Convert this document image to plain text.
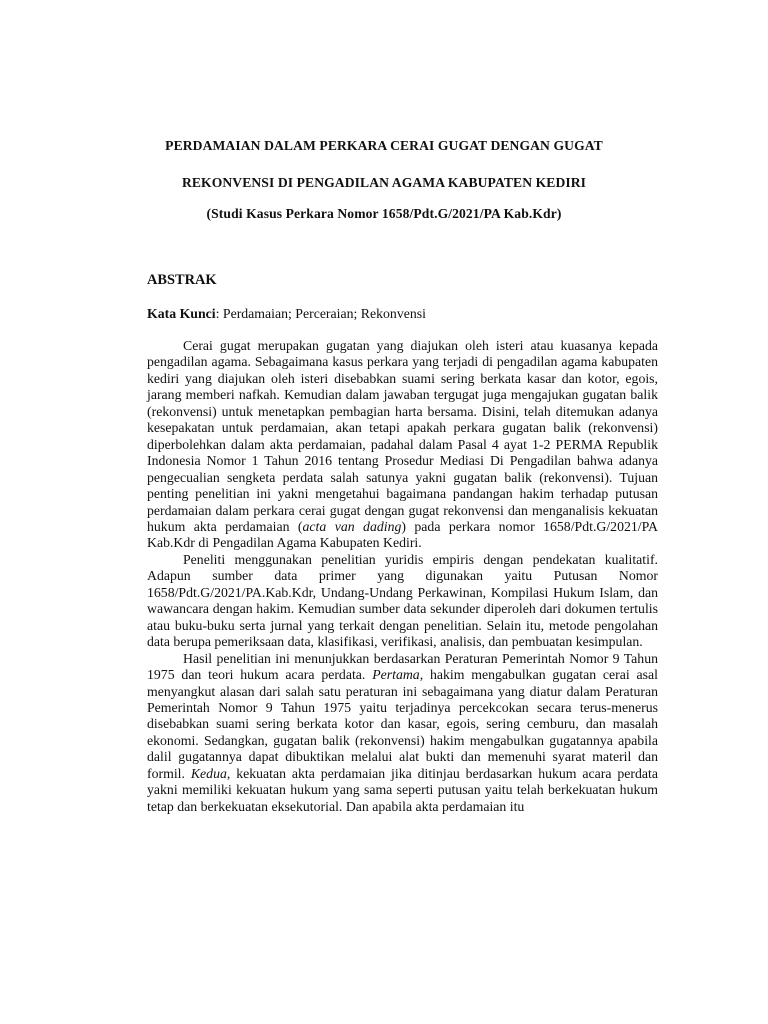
PERDAMAIAN DALAM PERKARA CERAI GUGAT DENGAN GUGAT

REKONVENSI DI PENGADILAN AGAMA KABUPATEN KEDIRI

(Studi Kasus Perkara Nomor 1658/Pdt.G/2021/PA Kab.Kdr)

ABSTRAK

Kata Kunci: Perdamaian; Perceraian; Rekonvensi

Cerai gugat merupakan gugatan yang diajukan oleh isteri atau kuasanya kepada pengadilan agama. Sebagaimana kasus perkara yang terjadi di pengadilan agama kabupaten kediri yang diajukan oleh isteri disebabkan suami sering berkata kasar dan kotor, egois, jarang memberi nafkah. Kemudian dalam jawaban tergugat juga mengajukan gugatan balik (rekonvensi) untuk menetapkan pembagian harta bersama. Disini, telah ditemukan adanya kesepakatan untuk perdamaian, akan tetapi apakah perkara gugatan balik (rekonvensi) diperbolehkan dalam akta perdamaian, padahal dalam Pasal 4 ayat 1-2 PERMA Republik Indonesia Nomor 1 Tahun 2016 tentang Prosedur Mediasi Di Pengadilan bahwa adanya pengecualian sengketa perdata salah satunya yakni gugatan balik (rekonvensi). Tujuan penting penelitian ini yakni mengetahui bagaimana pandangan hakim terhadap putusan perdamaian dalam perkara cerai gugat dengan gugat rekonvensi dan menganalisis kekuatan hukum akta perdamaian (acta van dading) pada perkara nomor 1658/Pdt.G/2021/PA Kab.Kdr di Pengadilan Agama Kabupaten Kediri.

Peneliti menggunakan penelitian yuridis empiris dengan pendekatan kualitatif. Adapun sumber data primer yang digunakan yaitu Putusan Nomor 1658/Pdt.G/2021/PA.Kab.Kdr, Undang-Undang Perkawinan, Kompilasi Hukum Islam, dan wawancara dengan hakim. Kemudian sumber data sekunder diperoleh dari dokumen tertulis atau buku-buku serta jurnal yang terkait dengan penelitian. Selain itu, metode pengolahan data berupa pemeriksaan data, klasifikasi, verifikasi, analisis, dan pembuatan kesimpulan.

Hasil penelitian ini menunjukkan berdasarkan Peraturan Pemerintah Nomor 9 Tahun 1975 dan teori hukum acara perdata. Pertama, hakim mengabulkan gugatan cerai asal menyangkut alasan dari salah satu peraturan ini sebagaimana yang diatur dalam Peraturan Pemerintah Nomor 9 Tahun 1975 yaitu terjadinya percekcokan secara terus-menerus disebabkan suami sering berkata kotor dan kasar, egois, sering cemburu, dan masalah ekonomi. Sedangkan, gugatan balik (rekonvensi) hakim mengabulkan gugatannya apabila dalil gugatannya dapat dibuktikan melalui alat bukti dan memenuhi syarat materil dan formil. Kedua, kekuatan akta perdamaian jika ditinjau berdasarkan hukum acara perdata yakni memiliki kekuatan hukum yang sama seperti putusan yaitu telah berkekuatan hukum tetap dan berkekuatan eksekutorial. Dan apabila akta perdamaian itu
